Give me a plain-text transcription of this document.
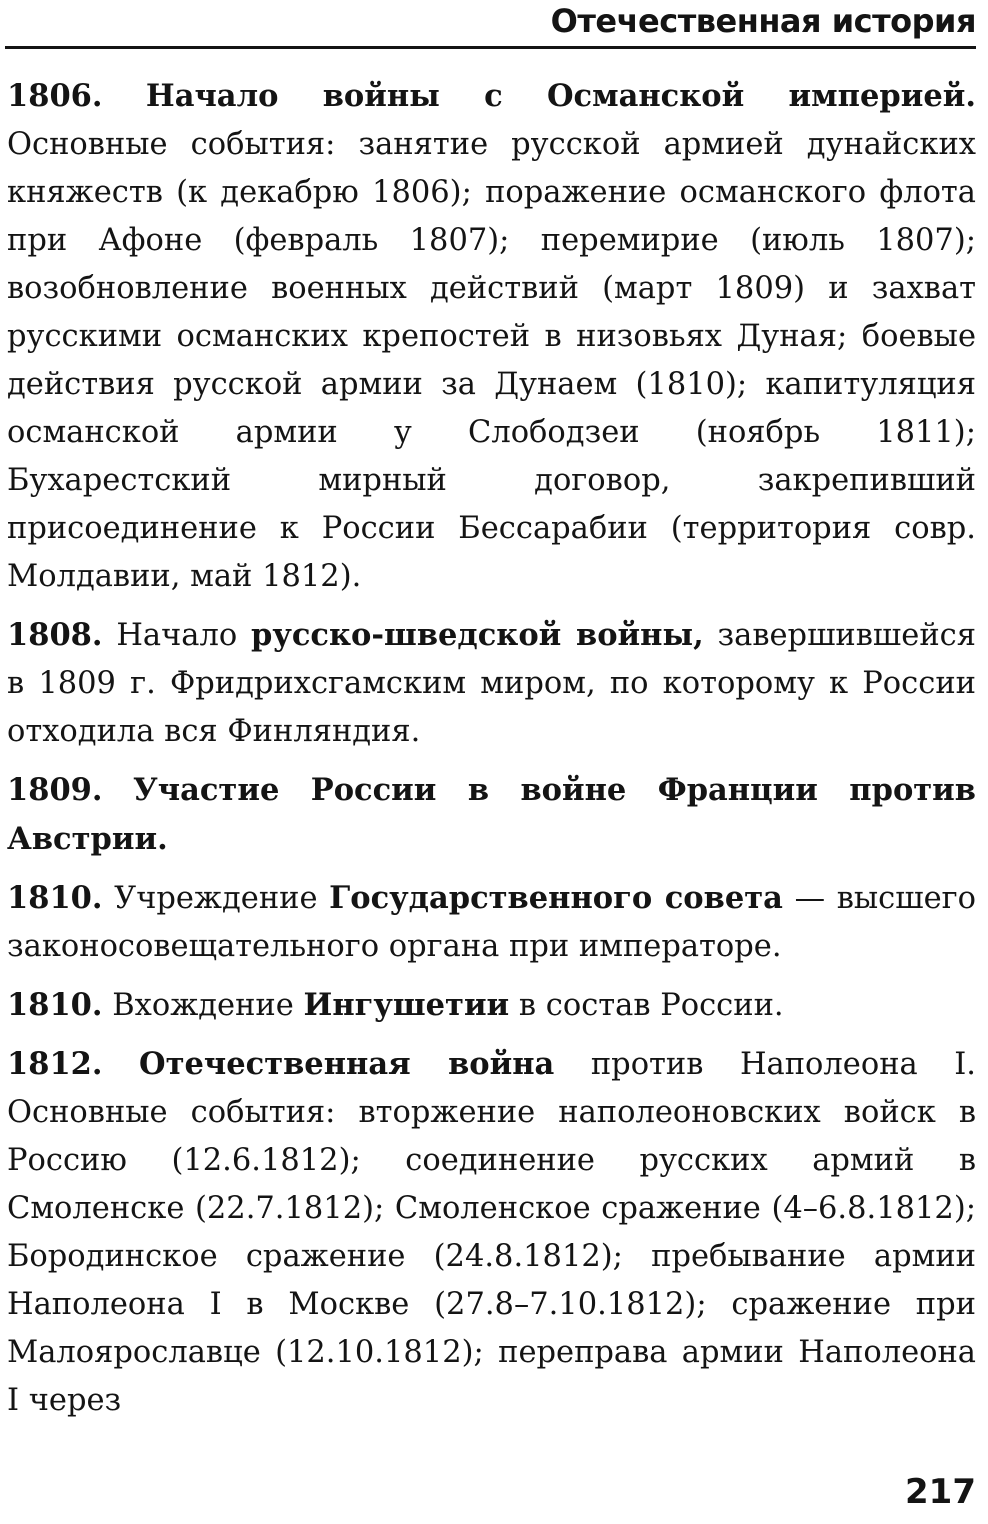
Отечественная история

1806. Начало войны с Османской империей. Основные события: занятие русской армией дунайских княжеств (к декабрю 1806); поражение османского флота при Афоне (февраль 1807); перемирие (июль 1807); возобновление военных действий (март 1809) и захват русскими османских крепостей в низовьях Дуная; боевые действия русской армии за Дунаем (1810); капитуляция османской армии у Слободзеи (ноябрь 1811); Бухарестский мирный договор, закрепивший присоединение к России Бессарабии (территория совр. Молдавии, май 1812).

1808. Начало русско-шведской войны, завершившейся в 1809 г. Фридрихсгамским миром, по которому к России отходила вся Финляндия.

1809. Участие России в войне Франции против Австрии.

1810. Учреждение Государственного совета — высшего законосовещательного органа при императоре.

1810. Вхождение Ингушетии в состав России.

1812. Отечественная война против Наполеона I. Основные события: вторжение наполеоновских войск в Россию (12.6.1812); соединение русских армий в Смоленске (22.7.1812); Смоленское сражение (4–6.8.1812); Бородинское сражение (24.8.1812); пребывание армии Наполеона I в Москве (27.8–7.10.1812); сражение при Малоярославце (12.10.1812); переправа армии Наполеона I через

217
